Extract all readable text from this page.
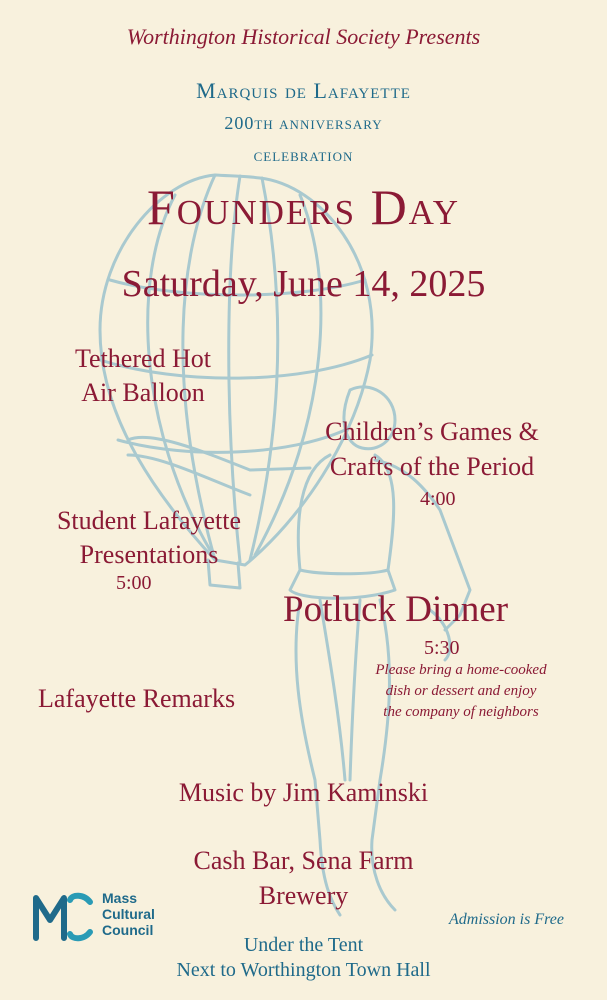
Worthington Historical Society Presents
Marquis de Lafayette
200th anniversary
celebration
Founders Day
Saturday, June 14, 2025
Tethered Hot
Air Balloon
Children’s Games &
Crafts of the Period
4:00
Student Lafayette
Presentations
5:00
Potluck Dinner
5:30
Please bring a home-cooked
dish or dessert and enjoy
the company of neighbors
Lafayette Remarks
Music by Jim Kaminski
Cash Bar, Sena Farm
Brewery
Under the Tent
Next to Worthington Town Hall
Admission is Free
Mass
Cultural
Council
